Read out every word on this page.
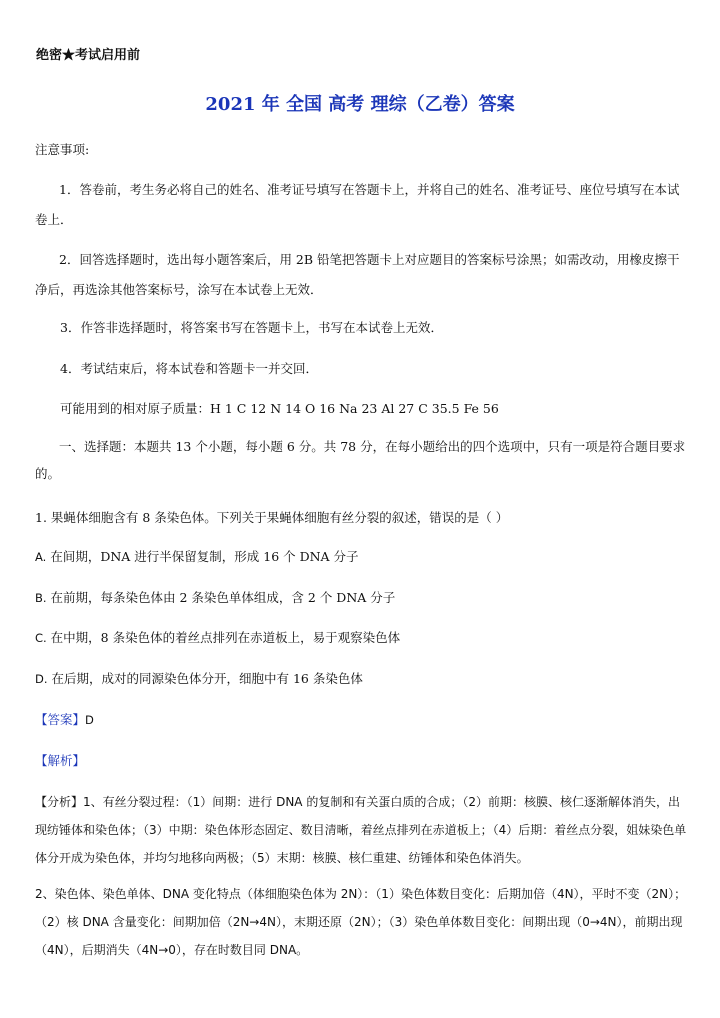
绝密★考试启用前
2021 年 全国 高考 理综（乙卷）答案
注意事项:
1．答卷前，考生务必将自己的姓名、准考证号填写在答题卡上，并将自己的姓名、准考证号、座位号填写在本试卷上．
2．回答选择题时，选出每小题答案后，用 2B 铅笔把答题卡上对应题目的答案标号涂黑；如需改动，用橡皮擦干净后，再选涂其他答案标号，涂写在本试卷上无效．
3．作答非选择题时，将答案书写在答题卡上，书写在本试卷上无效．
4．考试结束后，将本试卷和答题卡一并交回．
可能用到的相对原子质量：H 1 C 12 N 14 O 16 Na 23 Al 27 C 35.5 Fe 56
一、选择题：本题共 13 个小题，每小题 6 分。共 78 分，在每小题给出的四个选项中，只有一项是符合题目要求的。
1. 果蝇体细胞含有 8 条染色体。下列关于果蝇体细胞有丝分裂的叙述，错误的是（ ）
A. 在间期，DNA 进行半保留复制，形成 16 个 DNA 分子
B. 在前期，每条染色体由 2 条染色单体组成，含 2 个 DNA 分子
C. 在中期，8 条染色体的着丝点排列在赤道板上，易于观察染色体
D. 在后期，成对的同源染色体分开，细胞中有 16 条染色体
【答案】D
【解析】
【分析】1、有丝分裂过程：（1）间期：进行 DNA 的复制和有关蛋白质的合成；（2）前期：核膜、核仁逐渐解体消失，出现纺锤体和染色体；（3）中期：染色体形态固定、数目清晰，着丝点排列在赤道板上；（4）后期：着丝点分裂，姐妹染色单体分开成为染色体，并均匀地移向两极；（5）末期：核膜、核仁重建、纺锤体和染色体消失。
2、染色体、染色单体、DNA 变化特点（体细胞染色体为 2N）：（1）染色体数目变化：后期加倍（4N），平时不变（2N）；（2）核 DNA 含量变化：间期加倍（2N→4N），末期还原（2N）；（3）染色单体数目变化：间期出现（0→4N），前期出现（4N），后期消失（4N→0），存在时数目同 DNA。
